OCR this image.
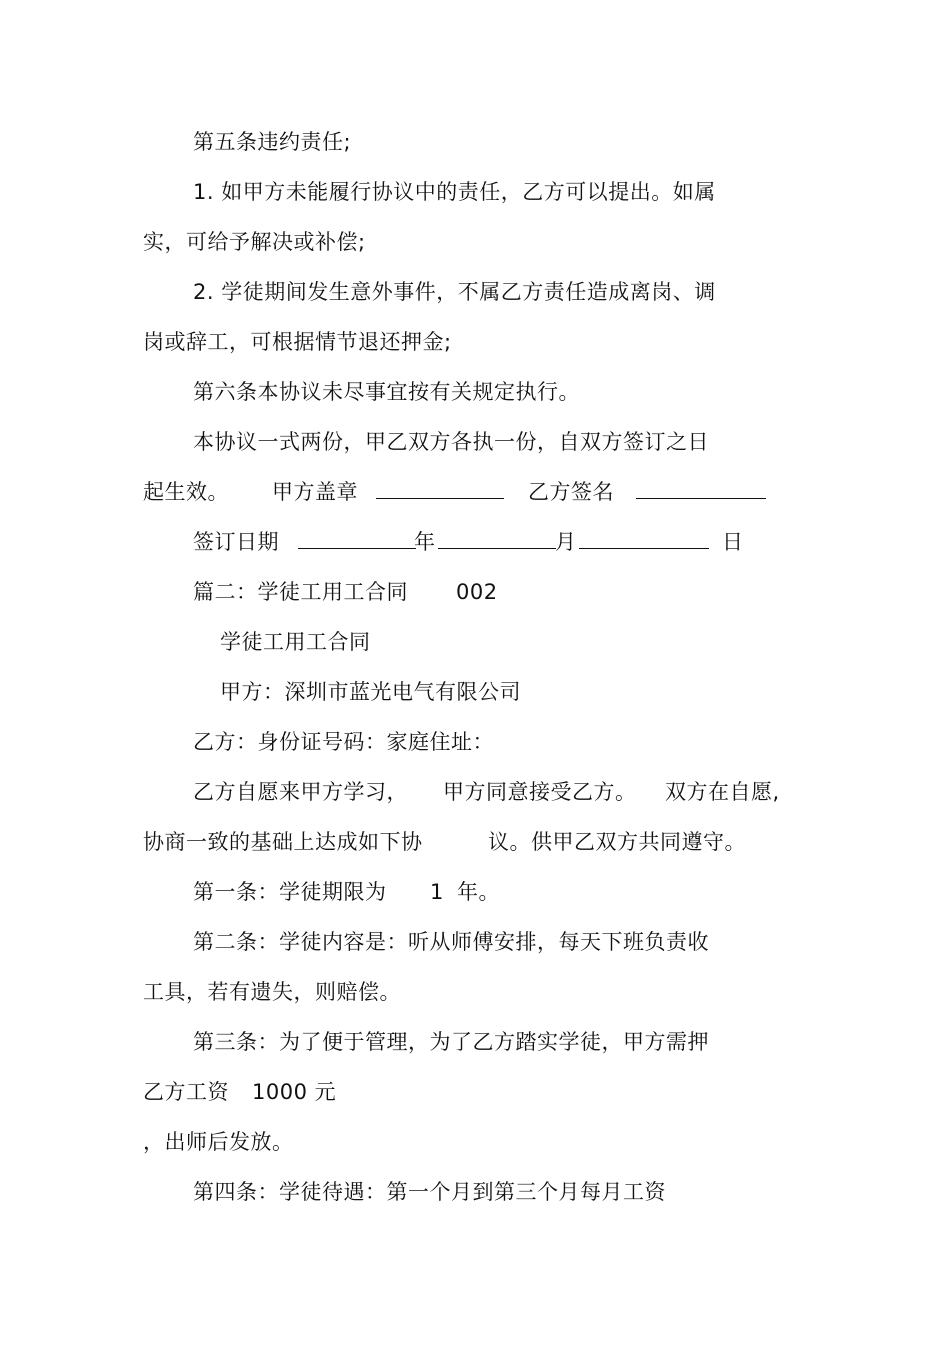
第五条违约责任;
1. 如甲方未能履行协议中的责任，乙方可以提出。如属
实，可给予解决或补偿;
2. 学徒期间发生意外事件，不属乙方责任造成离岗、调
岗或辞工，可根据情节退还押金;
第六条本协议未尽事宜按有关规定执行。
本协议一式两份，甲乙双方各执一份，自双方签订之日
起生效。 甲方盖章	乙方签名
签订日期	年	月	日
篇二：学徒工用工合同 002
学徒工用工合同
甲方：深圳市蓝光电气有限公司
乙方：身份证号码：家庭住址：
乙方自愿来甲方学习， 甲方同意接受乙方。 双方在自愿,
协商一致的基础上达成如下协	议。供甲乙双方共同遵守。
第一条：学徒期限为 1 年。
第二条：学徒内容是：听从师傅安排，每天下班负责收
工具，若有遗失，则赔偿。
第三条：为了便于管理，为了乙方踏实学徒，甲方需押
乙方工资 1000 元
，出师后发放。
第四条：学徒待遇：第一个月到第三个月每月工资
